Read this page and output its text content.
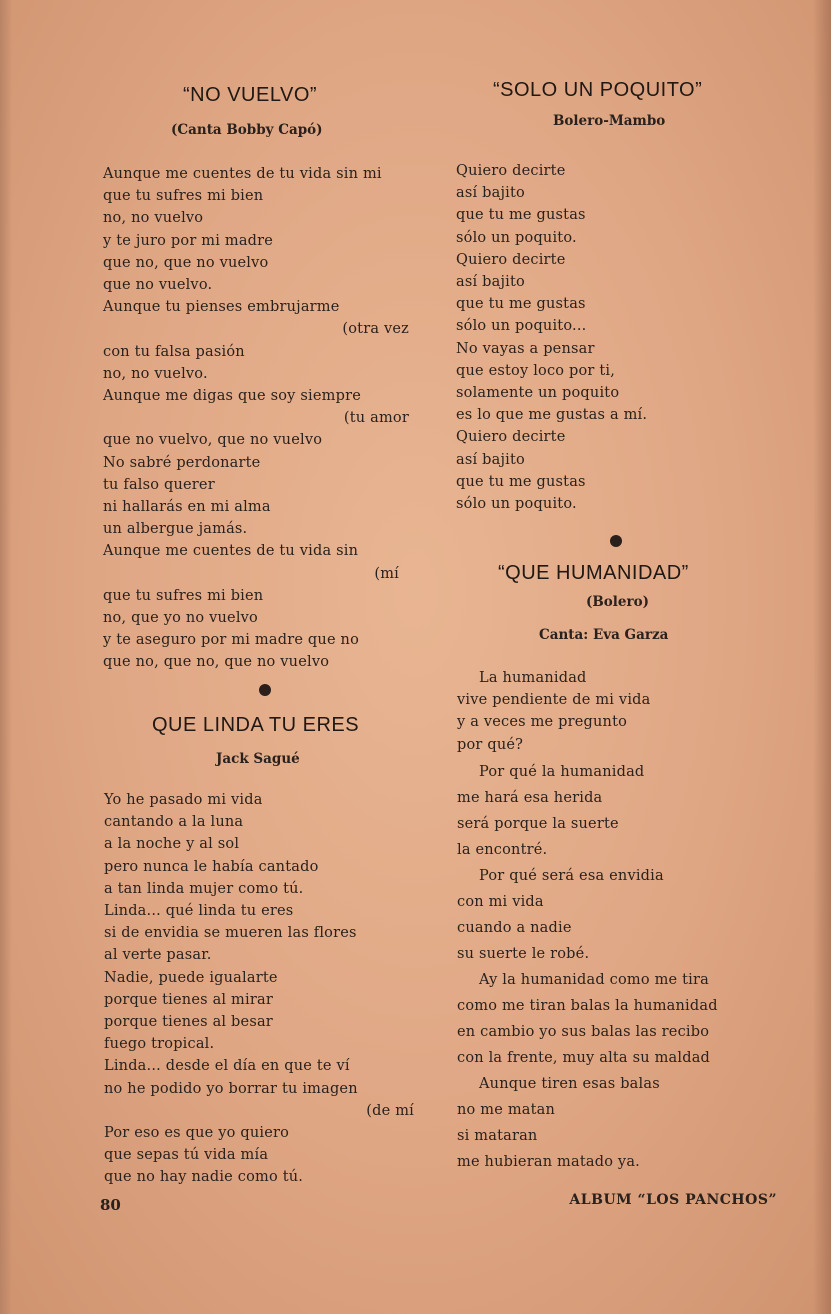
“NO VUELVO”
(Canta Bobby Capó)
Aunque me cuentes de tu vida sin mi
que tu sufres mi bien
no, no vuelvo
y te juro por mi madre
que no, que no vuelvo
que no vuelvo.
Aunque tu pienses embrujarme
(otra vez
con tu falsa pasión
no, no vuelvo.
Aunque me digas que soy siempre
(tu amor
que no vuelvo, que no vuelvo
No sabré perdonarte
tu falso querer
ni hallarás en mi alma
un albergue jamás.
Aunque me cuentes de tu vida sin
(mí
que tu sufres mi bien
no, que yo no vuelvo
y te aseguro por mi madre que no
que no, que no, que no vuelvo
QUE LINDA TU ERES
Jack Sagué
Yo he pasado mi vida
cantando a la luna
a la noche y al sol
pero nunca le había cantado
a tan linda mujer como tú.
Linda... qué linda tu eres
si de envidia se mueren las flores
al verte pasar.
Nadie, puede igualarte
porque tienes al mirar
porque tienes al besar
fuego tropical.
Linda... desde el día en que te ví
no he podido yo borrar tu imagen
(de mí
Por eso es que yo quiero
que sepas tú vida mía
que no hay nadie como tú.
“SOLO UN POQUITO”
Bolero-Mambo
Quiero decirte
así bajito
que tu me gustas
sólo un poquito.
Quiero decirte
así bajito
que tu me gustas
sólo un poquito...
No vayas a pensar
que estoy loco por ti,
solamente un poquito
es lo que me gustas a mí.
Quiero decirte
así bajito
que tu me gustas
sólo un poquito.
“QUE HUMANIDAD”
(Bolero)
Canta: Eva Garza
La humanidad
vive pendiente de mi vida
y a veces me pregunto
por qué?
Por qué la humanidad
me hará esa herida
será porque la suerte
la encontré.
Por qué será esa envidia
con mi vida
cuando a nadie
su suerte le robé.
Ay la humanidad como me tira
como me tiran balas la humanidad
en cambio yo sus balas las recibo
con la frente, muy alta su maldad
Aunque tiren esas balas
no me matan
si mataran
me hubieran matado ya.
80	ALBUM “LOS PANCHOS”
